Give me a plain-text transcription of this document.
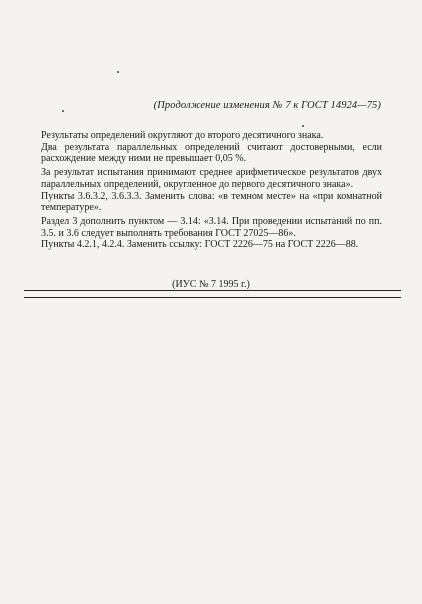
(Продолжение изменения № 7 к ГОСТ 14924—75)

Результаты определений округляют до второго десятичного знака.

Два результата параллельных определений считают достоверными, если расхождение между ними не превышает 0,05 %.

За результат испытания принимают среднее арифметическое результатов двух параллельных определений, округленное до первого десятичного знака».

Пункты 3.6.3.2, 3.6.3.3. Заменить слова: «в темном месте» на «при комнатной температуре».

Раздел 3 дополнить пунктом — 3.14: «3.14. При проведении испытаний по пп. 3.5. и 3.6 следует выполнять требования ГОСТ 27025—86».

Пункты 4.2.1, 4.2.4. Заменить ссылку: ГОСТ 2226—75 на ГОСТ 2226—88.

(ИУС № 7 1995 г.)
